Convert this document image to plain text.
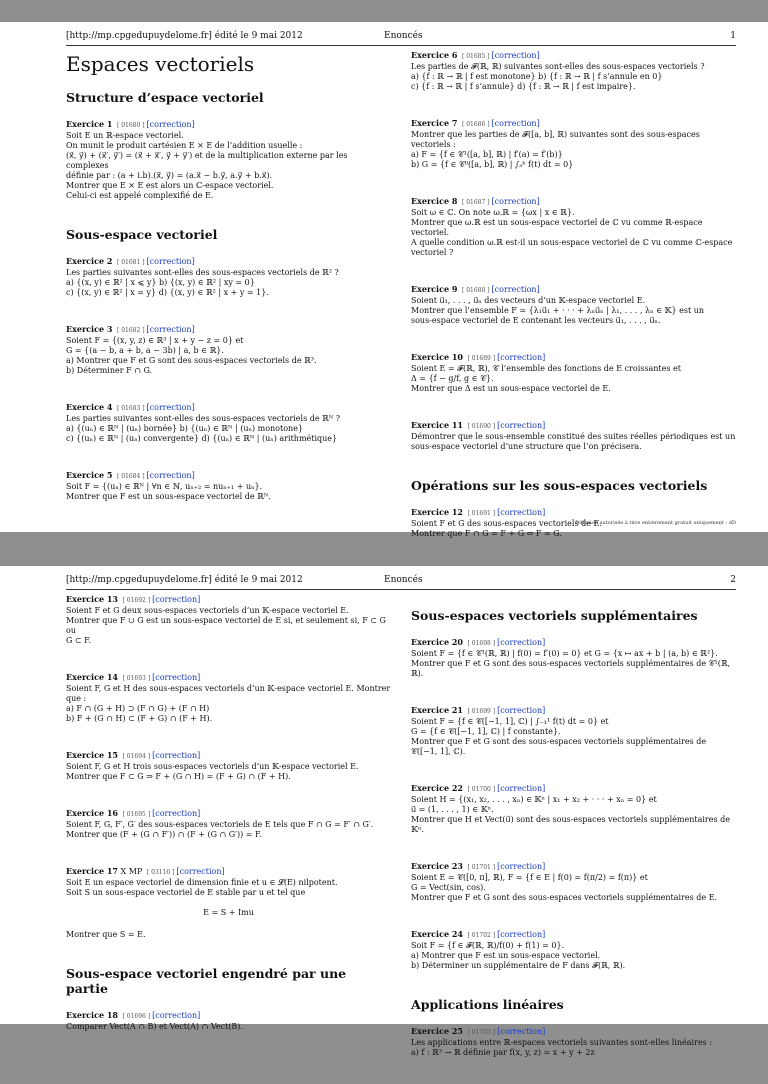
[http://mp.cpgedupuydelome.fr] édité le 9 mai 2012	Enoncés	1
Espaces vectoriels
Structure d’espace vectoriel
Exercice 1 [ 01680 ] [correction]
Soit E un ℝ-espace vectoriel.
On munit le produit cartésien E × E de l’addition usuelle :
(x⃗, y⃗) + (x⃗′, y⃗′) = (x⃗ + x⃗′, y⃗ + y⃗′) et de la multiplication externe par les complexes
définie par : (a + i.b).(x⃗, y⃗) = (a.x⃗ − b.y⃗, a.y⃗ + b.x⃗).
Montrer que E × E est alors un ℂ-espace vectoriel.
Celui-ci est appelé complexifié de E.
Sous-espace vectoriel
Exercice 2 [ 01681 ] [correction]
Les parties suivantes sont-elles des sous-espaces vectoriels de ℝ² ?
a) {(x, y) ∈ ℝ² | x ⩽ y} b) {(x, y) ∈ ℝ² | xy = 0}
c) {(x, y) ∈ ℝ² | x = y} d) {(x, y) ∈ ℝ² | x + y = 1}.
Exercice 3 [ 01682 ] [correction]
Soient F = {(x, y, z) ∈ ℝ³ | x + y − z = 0} et
G = {(a − b, a + b, a − 3b) | a, b ∈ ℝ}.
a) Montrer que F et G sont des sous-espaces vectoriels de ℝ³.
b) Déterminer F ∩ G.
Exercice 4 [ 01683 ] [correction]
Les parties suivantes sont-elles des sous-espaces vectoriels de ℝᴺ ?
a) {(uₙ) ∈ ℝᴺ | (uₙ) bornée} b) {(uₙ) ∈ ℝᴺ | (uₙ) monotone}
c) {(uₙ) ∈ ℝᴺ | (uₙ) convergente} d) {(uₙ) ∈ ℝᴺ | (uₙ) arithmétique}
Exercice 5 [ 01684 ] [correction]
Soit F = {(uₙ) ∈ ℝᴺ | ∀n ∈ ℕ, uₙ₊₂ = nuₙ₊₁ + uₙ}.
Montrer que F est un sous-espace vectoriel de ℝᴺ.
Exercice 6 [ 01685 ] [correction]
Les parties de 𝓕(ℝ, ℝ) suivantes sont-elles des sous-espaces vectoriels ?
a) {f : ℝ → ℝ | f est monotone} b) {f : ℝ → ℝ | f s’annule en 0}
c) {f : ℝ → ℝ | f s’annule} d) {f : ℝ → ℝ | f est impaire}.
Exercice 7 [ 01686 ] [correction]
Montrer que les parties de 𝓕([a, b], ℝ) suivantes sont des sous-espaces vectoriels :
a) F = {f ∈ 𝒞¹([a, b], ℝ) | f′(a) = f′(b)}
b) G = {f ∈ 𝒞⁰([a, b], ℝ) | ∫ₐᵇ f(t) dt = 0}
Exercice 8 [ 01687 ] [correction]
Soit ω ∈ ℂ. On note ω.ℝ = {ωx | x ∈ ℝ}.
Montrer que ω.ℝ est un sous-espace vectoriel de ℂ vu comme ℝ-espace vectoriel.
A quelle condition ω.ℝ est-il un sous-espace vectoriel de ℂ vu comme ℂ-espace
vectoriel ?
Exercice 9 [ 01688 ] [correction]
Soient u⃗₁, . . . , u⃗ₙ des vecteurs d’un 𝕂-espace vectoriel E.
Montrer que l’ensemble F = {λ₁u⃗₁ + · · · + λₙu⃗ₙ | λ₁, . . . , λₙ ∈ 𝕂} est un
sous-espace vectoriel de E contenant les vecteurs u⃗₁, . . . , u⃗ₙ.
Exercice 10 [ 01689 ] [correction]
Soient E = 𝓕(ℝ, ℝ), 𝒞 l’ensemble des fonctions de E croissantes et
Δ = {f − g/f, g ∈ 𝒞}.
Montrer que Δ est un sous-espace vectoriel de E.
Exercice 11 [ 01690 ] [correction]
Démontrer que le sous-ensemble constitué des suites réelles périodiques est un
sous-espace vectoriel d’une structure que l’on précisera.
Opérations sur les sous-espaces vectoriels
Exercice 12 [ 01691 ] [correction]
Soient F et G des sous-espaces vectoriels de E.
Montrer que F ∩ G = F + G ⇔ F = G.
Diffusion autorisée à titre entièrement gratuit uniquement - dD
[http://mp.cpgedupuydelome.fr] édité le 9 mai 2012	Enoncés	2
Exercice 13 [ 01692 ] [correction]
Soient F et G deux sous-espaces vectoriels d’un 𝕂-espace vectoriel E.
Montrer que F ∪ G est un sous-espace vectoriel de E si, et seulement si, F ⊂ G ou
G ⊂ F.
Exercice 14 [ 01693 ] [correction]
Soient F, G et H des sous-espaces vectoriels d’un 𝕂-espace vectoriel E. Montrer
que :
a) F ∩ (G + H) ⊃ (F ∩ G) + (F ∩ H)
b) F + (G ∩ H) ⊂ (F + G) ∩ (F + H).
Exercice 15 [ 01694 ] [correction]
Soient F, G et H trois sous-espaces vectoriels d’un 𝕂-espace vectoriel E.
Montrer que F ⊂ G ⇒ F + (G ∩ H) = (F + G) ∩ (F + H).
Exercice 16 [ 01695 ] [correction]
Soient F, G, F′, G′ des sous-espaces vectoriels de E tels que F ∩ G = F′ ∩ G′.
Montrer que (F + (G ∩ F′)) ∩ (F + (G ∩ G′)) = F.
Exercice 17 X MP [ 03116 ] [correction]
Soit E un espace vectoriel de dimension finie et u ∈ 𝓛(E) nilpotent.
Soit S un sous-espace vectoriel de E stable par u et tel que
E = S + Imu
Montrer que S = E.
Sous-espace vectoriel engendré par une partie
Exercice 18 [ 01696 ] [correction]
Comparer Vect(A ∩ B) et Vect(A) ∩ Vect(B).
Sous-espaces vectoriels supplémentaires
Exercice 20 [ 01698 ] [correction]
Soient F = {f ∈ 𝒞¹(ℝ, ℝ) | f(0) = f′(0) = 0} et G = {x ↦ ax + b | (a, b) ∈ ℝ²}.
Montrer que F et G sont des sous-espaces vectoriels supplémentaires de 𝒞¹(ℝ, ℝ).
Exercice 21 [ 01699 ] [correction]
Soient F = {f ∈ 𝒞([−1, 1], ℂ) | ∫₋₁¹ f(t) dt = 0} et
G = {f ∈ 𝒞([−1, 1], ℂ) | f constante}.
Montrer que F et G sont des sous-espaces vectoriels supplémentaires de
𝒞([−1, 1], ℂ).
Exercice 22 [ 01700 ] [correction]
Soient H = {(x₁, x₂, . . . , xₙ) ∈ 𝕂ⁿ | x₁ + x₂ + · · · + xₙ = 0} et
u⃗ = (1, . . . , 1) ∈ 𝕂ⁿ.
Montrer que H et Vect(u⃗) sont des sous-espaces vectoriels supplémentaires de 𝕂ⁿ.
Exercice 23 [ 01701 ] [correction]
Soient E = 𝒞([0, π], ℝ), F = {f ∈ E | f(0) = f(π/2) = f(π)} et
G = Vect(sin, cos).
Montrer que F et G sont des sous-espaces vectoriels supplémentaires de E.
Exercice 24 [ 01702 ] [correction]
Soit F = {f ∈ 𝓕(ℝ, ℝ)/f(0) + f(1) = 0}.
a) Montrer que F est un sous-espace vectoriel.
b) Déterminer un supplémentaire de F dans 𝓕(ℝ, ℝ).
Applications linéaires
Exercice 25 [ 01703 ] [correction]
Les applications entre ℝ-espaces vectoriels suivantes sont-elles linéaires :
a) f : ℝ³ → ℝ définie par f(x, y, z) = x + y + 2z
